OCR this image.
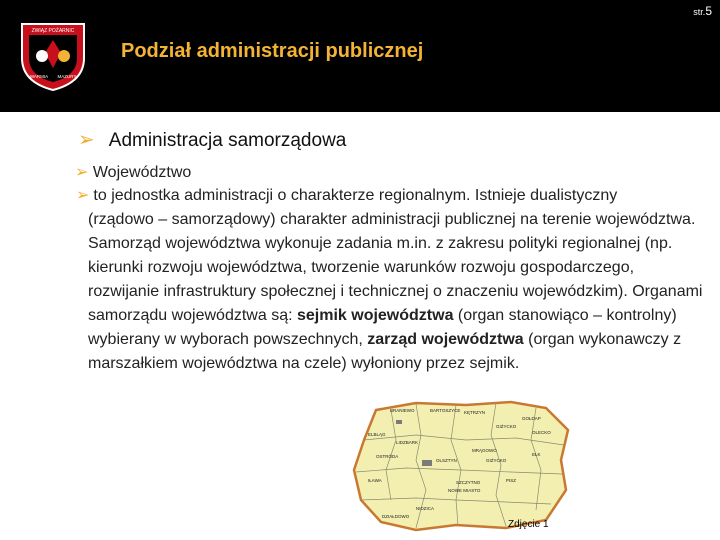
str.5
ZWIĄZ POŻARNIC
WARMIA MAZURY
Podział administracji publicznej
➢ Administracja samorządowa
➢ Województwo
➢ to jednostka administracji o charakterze regionalnym. Istnieje dualistyczny
(rządowo – samorządowy) charakter administracji publicznej na terenie województwa. Samorząd województwa wykonuje zadania m.in. z zakresu polityki regionalnej (np. kierunki rozwoju województwa, tworzenie warunków rozwoju gospodarczego, rozwijanie infrastruktury społecznej i technicznej o znaczeniu wojewódzkim). Organami samorządu województwa są: sejmik województwa (organ stanowiąco – kontrolny) wybierany w wyborach powszechnych, zarząd województwa (organ wykonawczy z marszałkiem województwa na czele) wyłoniony przez sejmik.
BRANIEWO	BARTOSZYCE KĘTRZYN
GOŁDAP
ELBLĄG	OLECKO
GIŻYCKO
OSTRÓDA
OLSZTYN
EŁK
MRĄGOWO
PISZ
SZCZYTNO
NIDZICA
NOWE MIASTO
IŁAWA
LIDZBARK
DZIAŁDOWO
GIŻYCKO
Zdjęcie 1
